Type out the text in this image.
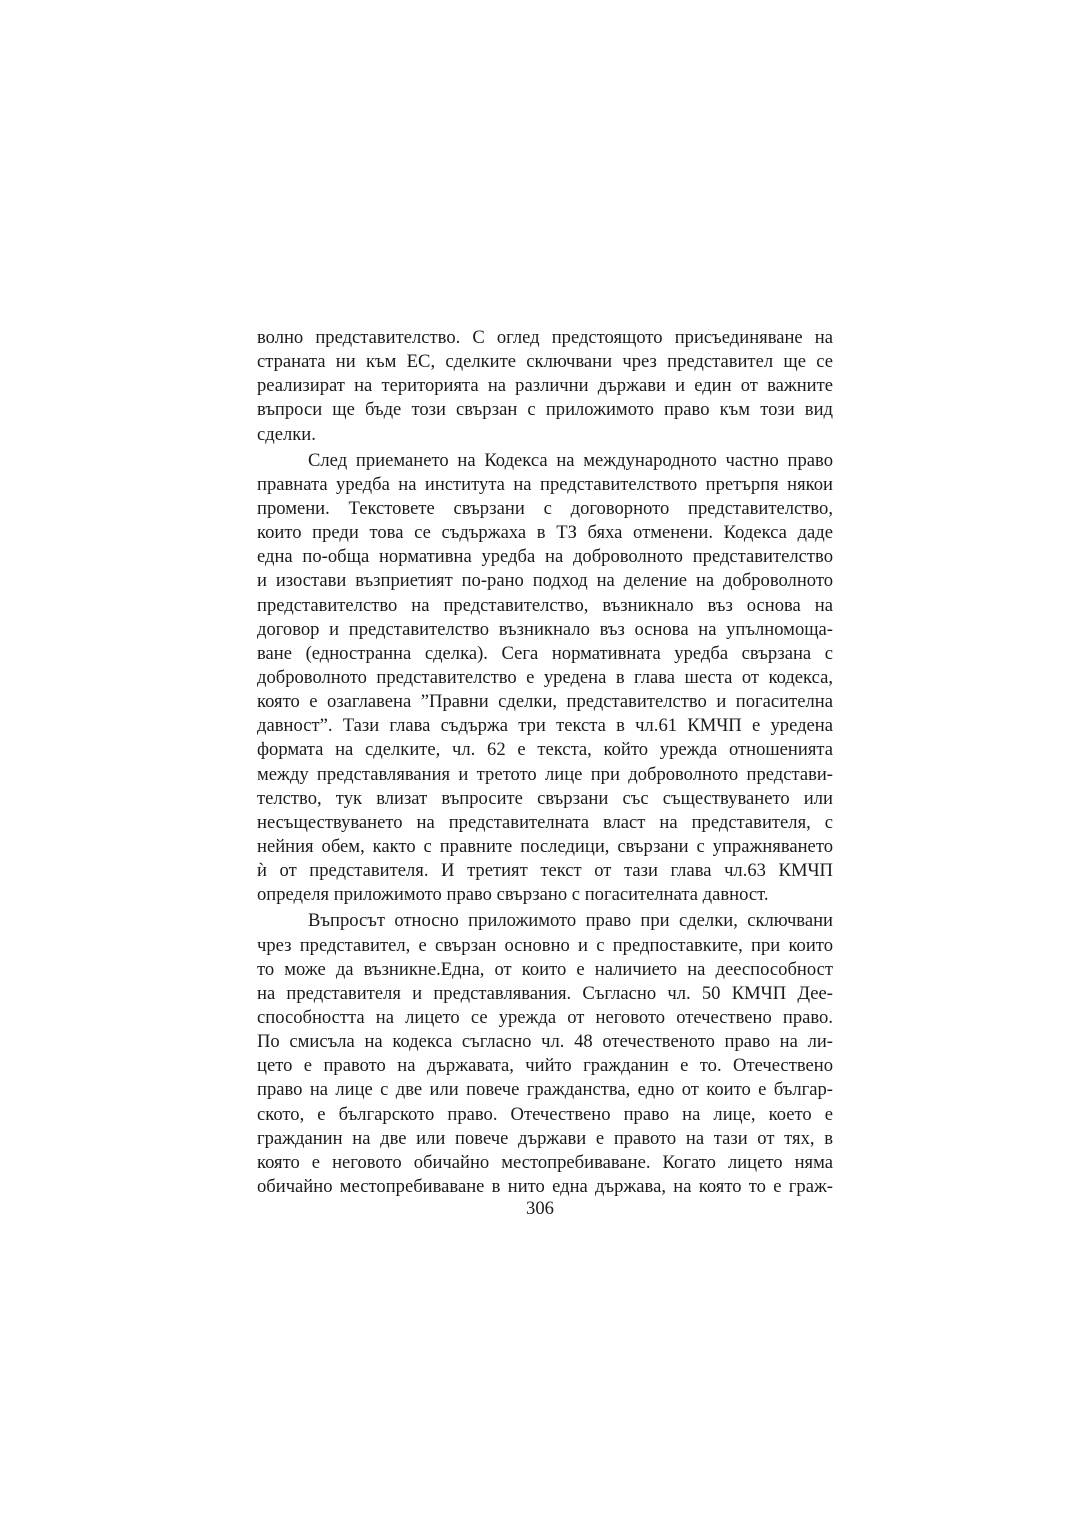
волно представителство. С оглед предстоящото присъединяване на
страната ни към ЕС, сделките сключвани чрез представител ще се
реализират на територията на различни държави и един от важните
въпроси ще бъде този свързан с приложимото право към този вид
сделки.
След приемането на Кодекса на международното частно право
правната уредба на института на представителството претърпя някои
промени. Текстовете свързани с договорното представителство,
които преди това се съдържаха в ТЗ бяха отменени. Кодекса даде
една по-обща нормативна уредба на доброволното представителство
и изостави възприетият по-рано подход на деление на доброволното
представителство на представителство, възникнало въз основа на
договор и представителство възникнало въз основа на упълномоща-
ване (едностранна сделка). Сега нормативната уредба свързана с
доброволното представителство е уредена в глава шеста от кодекса,
която е озаглавена ”Правни сделки, представителство и погасителна
давност”. Тази глава съдържа три текста в чл.61 КМЧП е уредена
формата на сделките, чл. 62 е текста, който урежда отношенията
между представлявания и третото лице при доброволното представи-
телство, тук влизат въпросите свързани със съществуването или
несъществуването на представителната власт на представителя, с
нейния обем, както с правните последици, свързани с упражняването
ѝ от представителя. И третият текст от тази глава чл.63 КМЧП
определя приложимото право свързано с погасителната давност.
Въпросът относно приложимото право при сделки, сключвани
чрез представител, е свързан основно и с предпоставките, при които
то може да възникне.Една, от които е наличието на дееспособност
на представителя и представлявания. Съгласно чл. 50 КМЧП Дее-
способността на лицето се урежда от неговото отечествено право.
По смисъла на кодекса съгласно чл. 48 отечественото право на ли-
цето е правото на държавата, чийто гражданин е то. Отечествено
право на лице с две или повече гражданства, едно от които е българ-
ското, е българското право. Отечествено право на лице, което е
гражданин на две или повече държави е правото на тази от тях, в
която е неговото обичайно местопребиваване. Когато лицето няма
обичайно местопребиваване в нито една държава, на която то е граж-
306
